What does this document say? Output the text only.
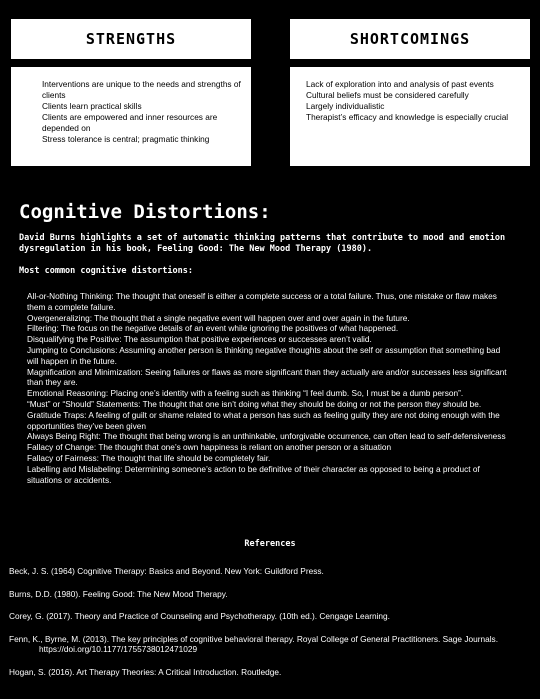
STRENGTHS	SHORTCOMINGS
Interventions are unique to the needs and strengths of clients
Clients learn practical skills
Clients are empowered and inner resources are depended on
Stress tolerance is central; pragmatic thinking
Lack of exploration into and analysis of past events
Cultural beliefs must be considered carefully
Largely individualistic
Therapist’s efficacy and knowledge is especially crucial
Cognitive Distortions:

David Burns highlights a set of automatic thinking patterns that contribute to mood and emotion dysregulation in his book, Feeling Good: The New Mood Therapy (1980).

Most common cognitive distortions:

All-or-Nothing Thinking: The thought that oneself is either a complete success or a total failure. Thus, one mistake or flaw makes them a complete failure.
Overgeneralizing: The thought that a single negative event will happen over and over again in the future.
Filtering: The focus on the negative details of an event while ignoring the positives of what happened.
Disqualifying the Positive: The assumption that positive experiences or successes aren’t valid.
Jumping to Conclusions: Assuming another person is thinking negative thoughts about the self or assumption that something bad will happen in the future.
Magnification and Minimization: Seeing failures or flaws as more significant than they actually are and/or successes less significant than they are.
Emotional Reasoning: Placing one’s identity with a feeling such as thinking “I feel dumb. So, I must be a dumb person”.
“Must” or “Should” Statements: The thought that one isn’t doing what they should be doing or not the person they should be.
Gratitude Traps: A feeling of guilt or shame related to what a person has such as feeling guilty they are not doing enough with the opportunities they’ve been given
Always Being Right: The thought that being wrong is an unthinkable, unforgivable occurrence, can often lead to self-defensiveness
Fallacy of Change: The thought that one’s own happiness is reliant on another person or a situation
Fallacy of Fairness: The thought that life should be completely fair.
Labelling and Mislabeling: Determining someone’s action to be definitive of their character as opposed to being a product of situations or accidents.

References

Beck, J. S. (1964) Cognitive Therapy: Basics and Beyond. New York: Guildford Press.
Burns, D.D. (1980). Feeling Good: The New Mood Therapy.
Corey, G. (2017). Theory and Practice of Counseling and Psychotherapy. (10th ed.). Cengage Learning.
Fenn, K., Byrne, M. (2013). The key principles of cognitive behavioral therapy. Royal College of General Practitioners. Sage Journals. https://doi.org/10.1177/1755738012471029
Hogan, S. (2016). Art Therapy Theories: A Critical Introduction. Routledge.
